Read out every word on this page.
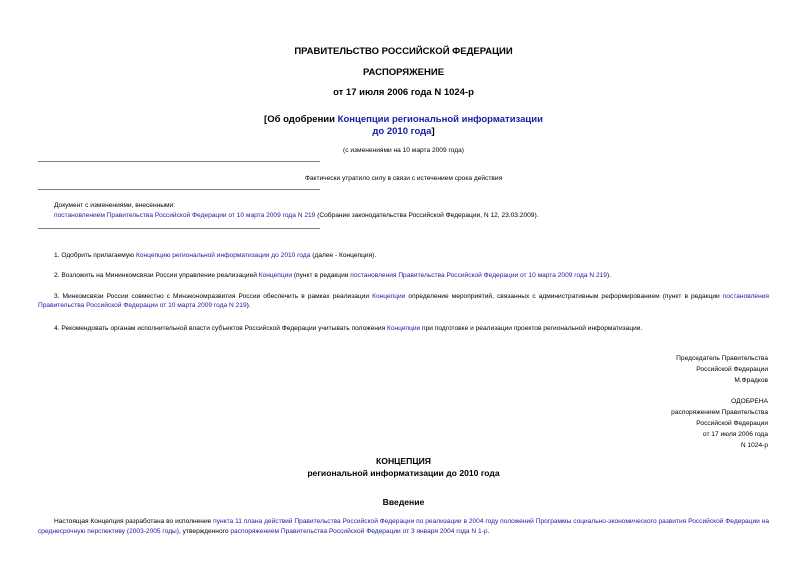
ПРАВИТЕЛЬСТВО РОССИЙСКОЙ ФЕДЕРАЦИИ
РАСПОРЯЖЕНИЕ
от 17 июля 2006 года N 1024-р
[Об одобрении Концепции региональной информатизации
до 2010 года]
(с изменениями на 10 марта 2009 года)
Фактически утратило силу в связи с истечением срока действия
Документ с изменениями, внесенными:
постановлением Правительства Российской Федерации от 10 марта 2009 года N 219 (Собрание законодательства Российской Федерации, N 12, 23.03.2009).
1. Одобрить прилагаемую Концепцию региональной информатизации до 2010 года (далее - Концепция).
2. Возложить на Мининкомсвязи России управление реализацией Концепции (пункт в редакции постановления Правительства Российской Федерации от 10 марта 2009 года N 219).
3. Минкомсвязи России совместно с Минэкономразвития России обеспечить в рамках реализации Концепции определение мероприятий, связанных с административным реформированием (пункт в редакции постановления Правительства Российской Федерации от 10 марта 2009 года N 219).
4. Рекомендовать органам исполнительной власти субъектов Российской Федерации учитывать положения Концепции при подготовке и реализации проектов региональной информатизации.
Председатель Правительства
Российской Федерации
М.Фрадков
ОДОБРЕНА
распоряжением Правительства
Российской Федерации
от 17 июля 2006 года
N 1024-р
КОНЦЕПЦИЯ
региональной информатизации до 2010 года
Введение
Настоящая Концепция разработана во исполнение пункта 11 плана действий Правительства Российской Федерации по реализации в 2004 году положений Программы социально-экономического развития Российской Федерации на среднесрочную перспективу (2003-2005 годы), утвержденного распоряжением Правительства Российской Федерации от 3 января 2004 года N 1-р.
